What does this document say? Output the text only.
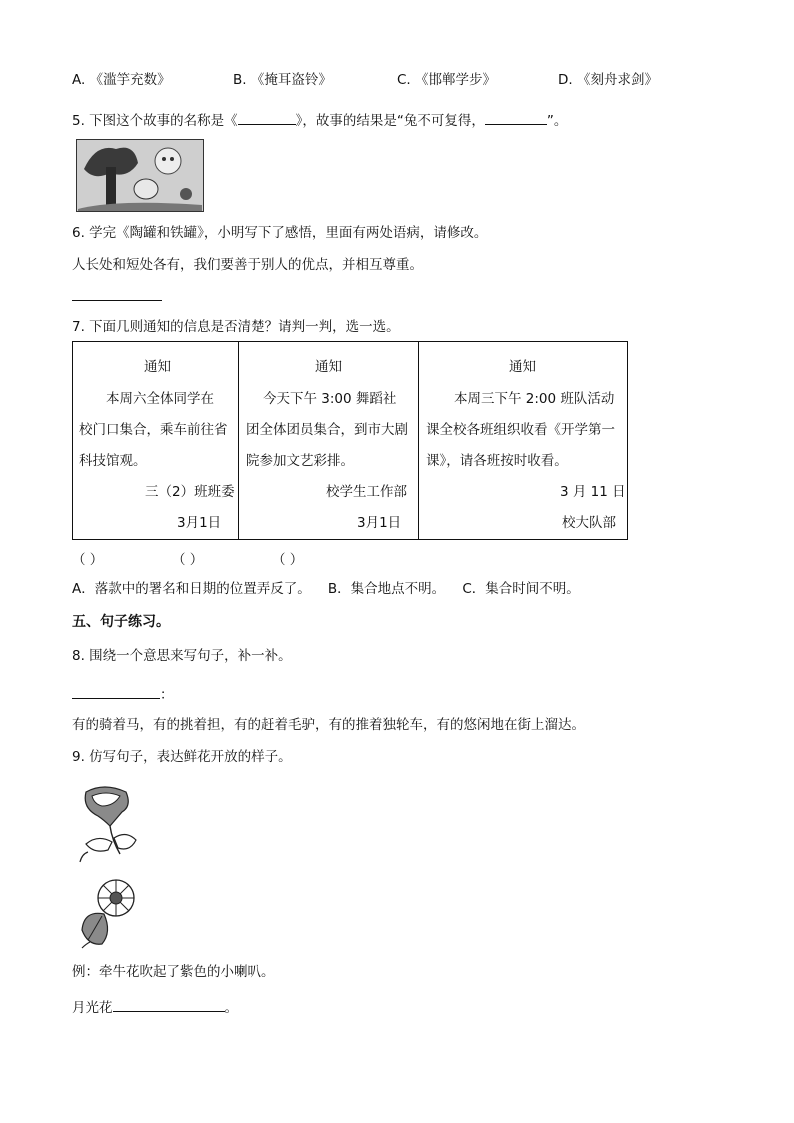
A. 《滥竽充数》	B. 《掩耳盗铃》	C. 《邯郸学步》	D. 《刻舟求剑》
5. 下图这个故事的名称是《	》，故事的结果是“兔不可复得，	”。
6. 学完《陶罐和铁罐》，小明写下了感悟，里面有两处语病，请修改。
人长处和短处各有，我们要善于别人的优点，并相互尊重。
7. 下面几则通知的信息是否清楚？请判一判，选一选。
通知
本周六全体同学在
校门口集合，乘车前往省
科技馆观。
三（2）班班委
3月1日

通知
今天下午 3:00 舞蹈社
团全体团员集合，到市大剧
院参加文艺彩排。
校学生工作部
3月1日

通知
本周三下午 2:00 班队活动
课全校各班组织收看《开学第一
课》，请各班按时收看。
3 月 11 日
校大队部
（ ）	（ ）	（ ）
A．落款中的署名和日期的位置弄反了。    B．集合地点不明。    C．集合时间不明。
五、句子练习。
8. 围绕一个意思来写句子，补一补。
：
有的骑着马，有的挑着担，有的赶着毛驴，有的推着独轮车，有的悠闲地在街上溜达。
9. 仿写句子，表达鲜花开放的样子。
例：牵牛花吹起了紫色的小喇叭。
月光花	。
